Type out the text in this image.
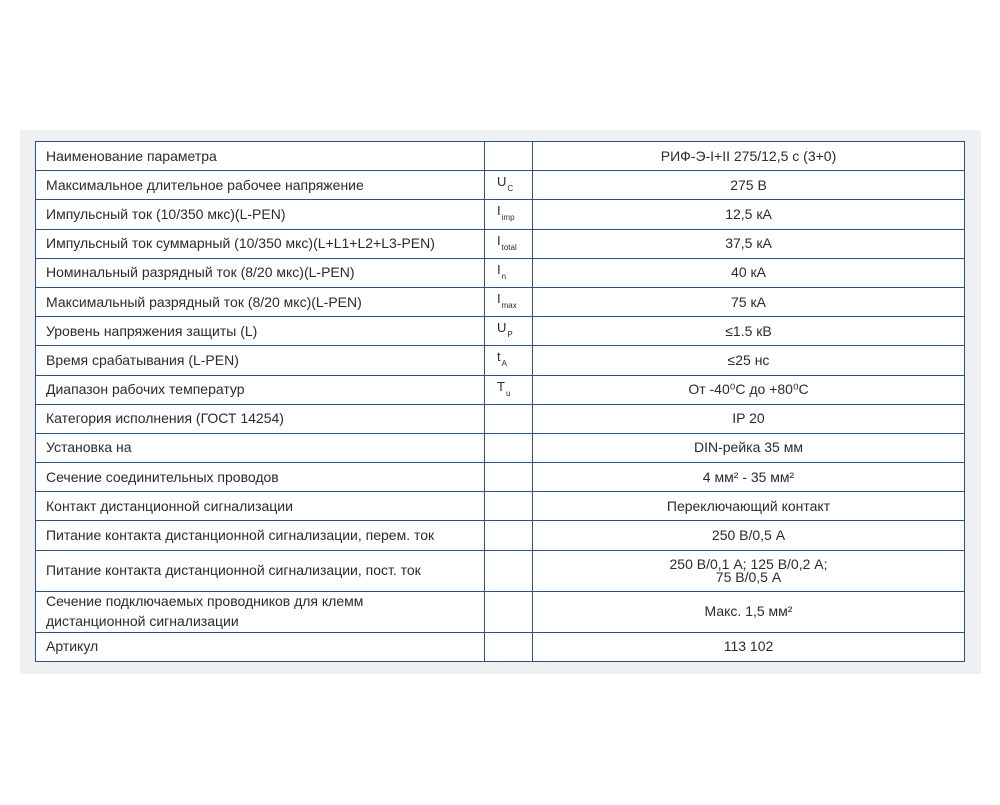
Наименование параметра		РИФ-Э-I+II 275/12,5 с (3+0)
Максимальное длительное рабочее напряжение	$U_C$	275 В
Импульсный ток (10/350 мкс)(L-PEN)	$I_{imp}$	12,5 кА
Импульсный ток суммарный (10/350 мкс)(L+L1+L2+L3-PEN)	$I_{total}$	37,5 кА
Номинальный разрядный ток (8/20 мкс)(L-PEN)	$I_n$	40 кА
Максимальный разрядный ток (8/20 мкс)(L-PEN)	$I_{max}$	75 кА
Уровень напряжения защиты (L)	$U_P$	≤1.5 кВ
Время срабатывания (L-PEN)	$t_A$	≤25 нс
Диапазон рабочих температур	$T_u$	От -40⁰С до +80⁰С
Категория исполнения (ГОСТ 14254)		IP 20
Установка на		DIN-рейка 35 мм
Сечение соединительных проводов		4 мм² - 35 мм²
Контакт дистанционной сигнализации		Переключающий контакт
Питание контакта дистанционной сигнализации, перем. ток		250 В/0,5 А
Питание контакта дистанционной сигнализации, пост. ток		250 В/0,1 А; 125 В/0,2 А;
75 В/0,5 А

Сечение подключаемых проводников для клемм
дистанционной сигнализации		Макс. 1,5 мм²
Артикул		113 102
